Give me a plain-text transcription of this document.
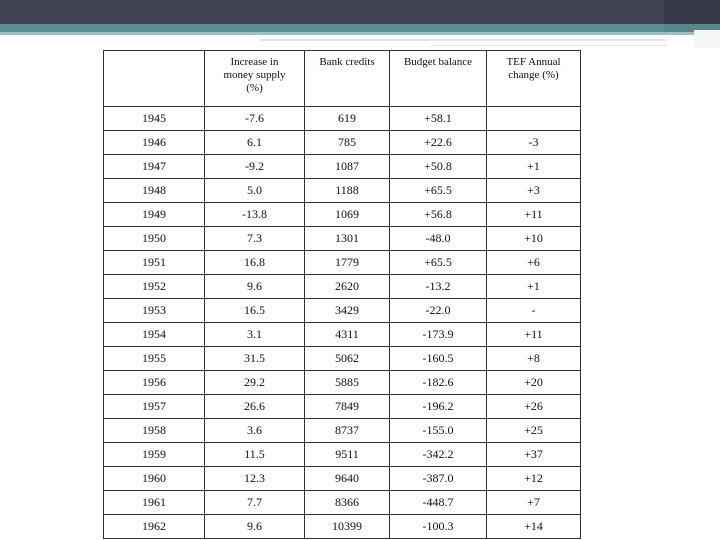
	Increase in money supply (%)	Bank credits	Budget balance	TEF Annual change (%)
1945	-7.6	619	+58.1	
1946	6.1	785	+22.6	-3
1947	-9.2	1087	+50.8	+1
1948	5.0	1188	+65.5	+3
1949	-13.8	1069	+56.8	+11
1950	7.3	1301	-48.0	+10
1951	16.8	1779	+65.5	+6
1952	9.6	2620	-13.2	+1
1953	16.5	3429	-22.0	-
1954	3.1	4311	-173.9	+11
1955	31.5	5062	-160.5	+8
1956	29.2	5885	-182.6	+20
1957	26.6	7849	-196.2	+26
1958	3.6	8737	-155.0	+25
1959	11.5	9511	-342.2	+37
1960	12.3	9640	-387.0	+12
1961	7.7	8366	-448.7	+7
1962	9.6	10399	-100.3	+14
